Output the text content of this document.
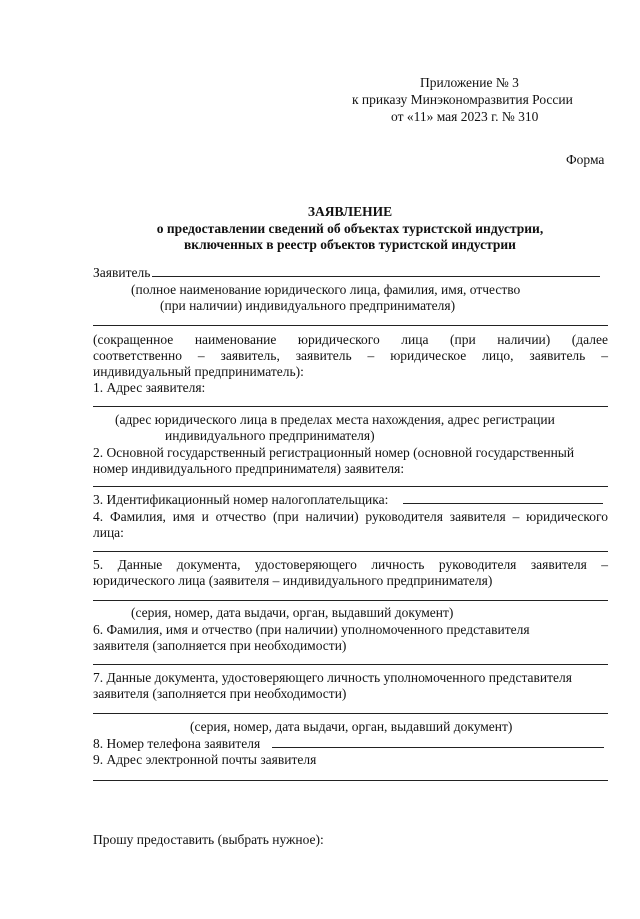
Приложение № 3
к приказу Минэкономразвития России
от «11» мая 2023 г. № 310
Форма
ЗАЯВЛЕНИЕ
о предоставлении сведений об объектах туристской индустрии,
включенных в реестр объектов туристской индустрии
Заявитель
(полное наименование юридического лица, фамилия, имя, отчество
(при наличии) индивидуального предпринимателя)
(сокращенное наименование юридического лица (при наличии) (далее
соответственно – заявитель, заявитель – юридическое лицо, заявитель –
индивидуальный предприниматель):
1. Адрес заявителя:
(адрес юридического лица в пределах места нахождения, адрес регистрации
индивидуального предпринимателя)
2. Основной государственный регистрационный номер (основной государственный
номер индивидуального предпринимателя) заявителя:
3. Идентификационный номер налогоплательщика:
4. Фамилия, имя и отчество (при наличии) руководителя заявителя – юридического
лица:
5. Данные документа, удостоверяющего личность руководителя заявителя –
юридического лица (заявителя – индивидуального предпринимателя)
(серия, номер, дата выдачи, орган, выдавший документ)
6. Фамилия, имя и отчество (при наличии) уполномоченного представителя
заявителя (заполняется при необходимости)
7. Данные документа, удостоверяющего личность уполномоченного представителя
заявителя (заполняется при необходимости)
(серия, номер, дата выдачи, орган, выдавший документ)
8. Номер телефона заявителя
9. Адрес электронной почты заявителя
Прошу предоставить (выбрать нужное):
